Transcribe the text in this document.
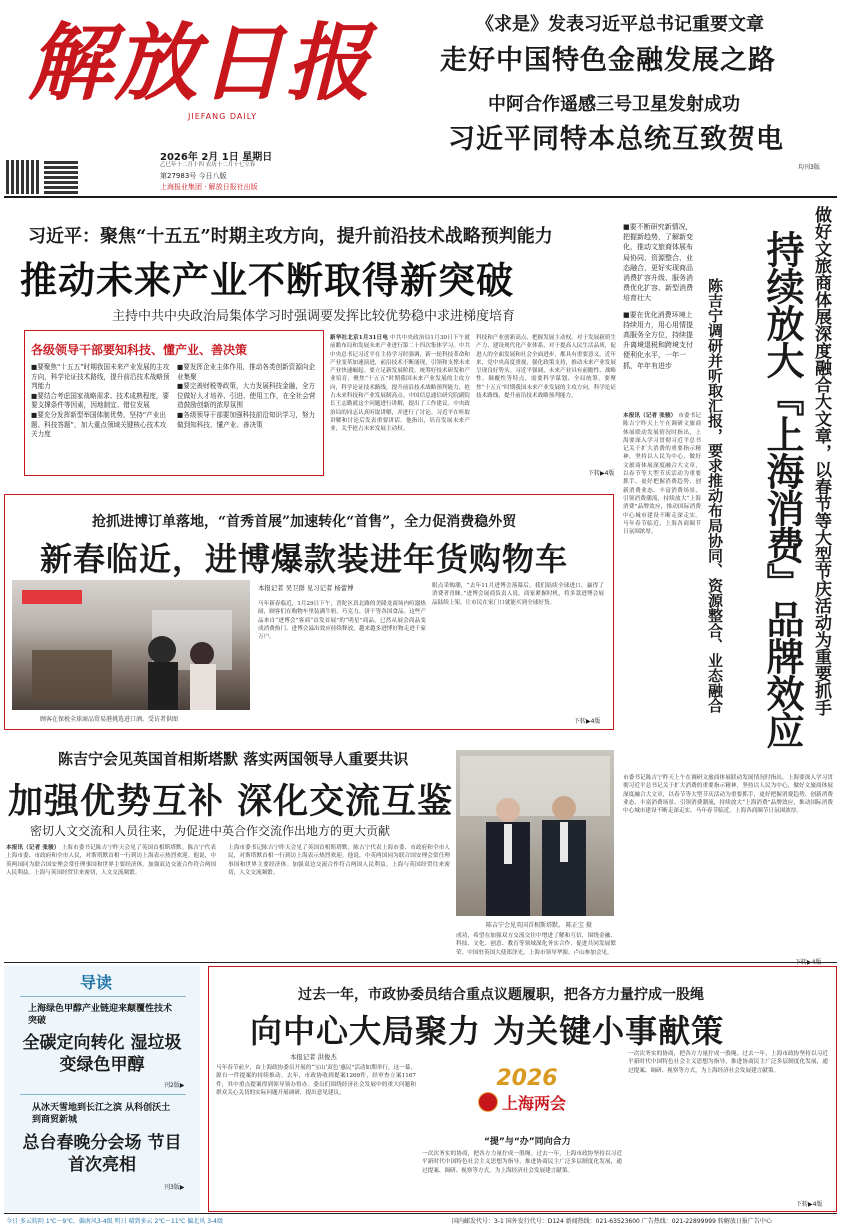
解放日报
JIEFANG DAILY
2026年 2月 1日 星期日
乙巳年十二月十四 农历十二月十七立春
第27983号 今日八版
上海报业集团 · 解放日报社出版
《求是》发表习近平总书记重要文章
走好中国特色金融发展之路
中阿合作遥感三号卫星发射成功
习近平同特本总统互致贺电
均刊3版
习近平：聚焦“十五五”时期主攻方向，提升前沿技术战略预判能力
推动未来产业不断取得新突破
主持中共中央政治局集体学习时强调要发挥比较优势稳中求进梯度培育
各级领导干部要知科技、懂产业、善决策
■要聚焦“十五五”时期我国未来产业发展的主攻方向，科学论证技术路线，提升前沿技术战略预判能力
■要结合考虑国家战略需求、技术成熟程度，要要支撑条件等因素，因地制宜、错位发展
■要充分发挥新型举国体制优势，坚持“产业出题、科技答题”，加大重点领域关键核心技术攻关力度
■要发挥企业主体作用，推动各类创新资源向企业集聚
■要完善财税等政策，大力发展科技金融，全方位做好人才培养、引进、使用工作，在全社会营造鼓励创新的浓厚氛围
■各级领导干部要加强科技前沿知识学习，努力做到知科技、懂产业、善决策
新华社北京1月31日电 中共中央政治局1月30日下午就前瞻布局和发展未来产业进行第二十四次集体学习。中共中央总书记习近平在主持学习时强调，新一轮科技革命和产业变革加速演进，前沿技术不断涌现，引领和支撑未来产业快速崛起。要立足新发展阶段，统筹好技术研发和产业培育，聚焦“十五五”时期我国未来产业发展的主攻方向，科学论证技术路线，提升前沿技术战略预判能力，抢占未来科技和产业发展制高点。中国信息通信研究院副院长王志勤就这个问题进行讲解，提出了工作建议。中央政治局的同志认真听取讲解，并进行了讨论。习近平在听取讲解和讨论后发表重要讲话。他指出，培育发展未来产业，关乎抢占未来发展主动权。
科技和产业创新高点，把握发展主动权。对于发展新质生产力，建设现代化产业体系，对于提高人民生活品质，促进人的全面发展和社会全面进步，都具有重要意义。近年来，党中央高度重视，强化政策支持，推动未来产业发展呈现良好势头。习近平强调，未来产业具有前瞻性、战略性、颠覆性等特点，需要科学谋划、全局统筹。要聚焦“十五五”时期我国未来产业发展的主攻方向，科学论证技术路线，提升前沿技术战略预判能力。
下转▶4版
■要不断研究新情况，把握新趋势，了解新变化，推动文旅商体展布局协同、资源整合、业态融合，更好实现商品消费扩容升级、服务消费优化扩容、新型消费培育壮大
■要在优化消费环境上持续用力，用心用情提高服务全方位，持续提升离境退税和跨境支付便利化水平，一年一抓，年年有进步	做好文旅商体展深度融合大文章，以春节等大型节庆活动为重要抓手
持续放大『上海消费』品牌效应
陈吉宁调研并听取汇报，要求推动布局协同、资源整合、业态融合
本报讯（记者 张骏） 市委书记陈吉宁昨天上午在调研文旅商体展联动发展情况时指出，上海要深入学习贯彻习近平总书记关于扩大消费的重要指示精神，坚持以人民为中心，做好文旅商体展深度融合大文章，以春节等大型节庆活动为重要抓手，更好把握消费趋势、创新消费业态、丰富消费场景、引领消费潮流，持续放大“上海消费”品牌效应，推动国际消费中心城市建设不断走深走实。马年春节临近，上海各商圈节日氛围浓厚。
市委书记陈吉宁昨天上午在调研文旅商体展联动发展情况时指出，上海要深入学习贯彻习近平总书记关于扩大消费的重要指示精神，坚持以人民为中心，做好文旅商体展深度融合大文章，以春节等大型节庆活动为重要抓手，更好把握消费趋势、创新消费业态、丰富消费场景、引领消费潮流，持续放大“上海消费”品牌效应，推动国际消费中心城市建设不断走深走实。马年春节临近，上海各商圈节日氛围浓厚。
抢抓进博订单落地，“首秀首展”加速转化“首售”，全力促消费稳外贸
新春临近，进博爆款装进年货购物车
顾客在保税全球商品贸易港挑选进口酒。受访者供图
本报记者 吴卫群 见习记者 杨蕾博
马年新春临近，1月29日下午，晋陀区真北路的美隆龙商场内喧嚣热闹，顾客们在购物车里装满牛奶、巧克力、饼干等各国食品。这些产品来自“进博会”客商“首发首展”的“明星”商品。已然从展会商品变成消费热门。进博会溢出效应持续释放，越来越多进博好物走进千家万户。
眼点采购潮，“去年11月进博会落幕后，我们陆续全球进口，赢得了消费者青睐。”进博会展商负责人说。商家紧握时机，将多款进博会展品陆续上架，让市民在家门口就能买到全球好货。
下转▶4版
陈吉宁会见英国首相斯塔默 落实两国领导人重要共识
加强优势互补 深化交流互鉴
密切人文交流和人员往来，为促进中英合作交流作出地方的更大贡献
本报讯（记者 张骏） 上海市委书记陈吉宁昨天会见了英国首相斯塔默。陈吉宁代表上海市委、市政府和全市人民，对斯塔默首相一行到访上海表示热烈欢迎。他说，中英两国同为联合国安理会常任理事国和世界主要经济体。加强双边交流合作符合两国人民利益。上海与英国经贸往来密切，人文交流频繁。
上海市委书记陈吉宁昨天会见了英国首相斯塔默。陈吉宁代表上海市委、市政府和全市人民，对斯塔默首相一行到访上海表示热烈欢迎。他说，中英两国同为联合国安理会常任理事国和世界主要经济体。加强双边交流合作符合两国人民利益。上海与英国经贸往来密切，人文交流频繁。
陈吉宁会见英国首相斯塔默。 陈正宝 摄
成功，希望在加强双方交流交往中增进了解和互信，围绕金融、科技、文化、创意、教育等领域深化务实合作，促进共同发展繁荣。中国驻英国大使郑泽光，上海市领导华源、卢山参加会见。
导读
上海绿色甲醇产业链迎来颠覆性技术突破
全碳定向转化 湿垃圾变绿色甲醇
刊2版▶
从冰天雪地到长江之滨 从科创沃土到商贸新城
总台春晚分会场 节目首次亮相
刊3版▶
过去一年，市政协委员结合重点议题履职，把各方力量拧成一股绳
向中心大局聚力 为关键小事献策
本报记者 洪俊杰
马年春节前夕，由上海政协委员开展的“宝山‘双色’惠民”活动如期举行。这一幕，源自一件提案的持续推动。去年，市政协收到提案1269件，经审查立案1167件，其中重点提案得到领导领办督办。委员们围绕经济社会发展中的重大问题和群众关心关切的实际问题开展调研，提出意见建议。
2026
上海两会
“提”与“办”同向合力
一次次务实的协商，把各方力量拧成一股绳。过去一年，上海市政协坚持以习近平新时代中国特色社会主义思想为指导，推进协商民主广泛多层制度化发展，通过提案、调研、视察等方式，为上海经济社会发展建言献策。
一次次务实的协商，把各方力量拧成一股绳。过去一年，上海市政协坚持以习近平新时代中国特色社会主义思想为指导，推进协商民主广泛多层制度化发展，通过提案、调研、视察等方式，为上海经济社会发展建言献策。
下转▶4版
今日 多云转阴 1℃～9℃，偏南风3-4级 明日 晴到多云 2℃～11℃ 偏北风 3-4级	国内邮发代号：3-1 国外发行代号：D124 新闻热线：021-63523600 广告热线：021-22899999 转解放日报广告中心
